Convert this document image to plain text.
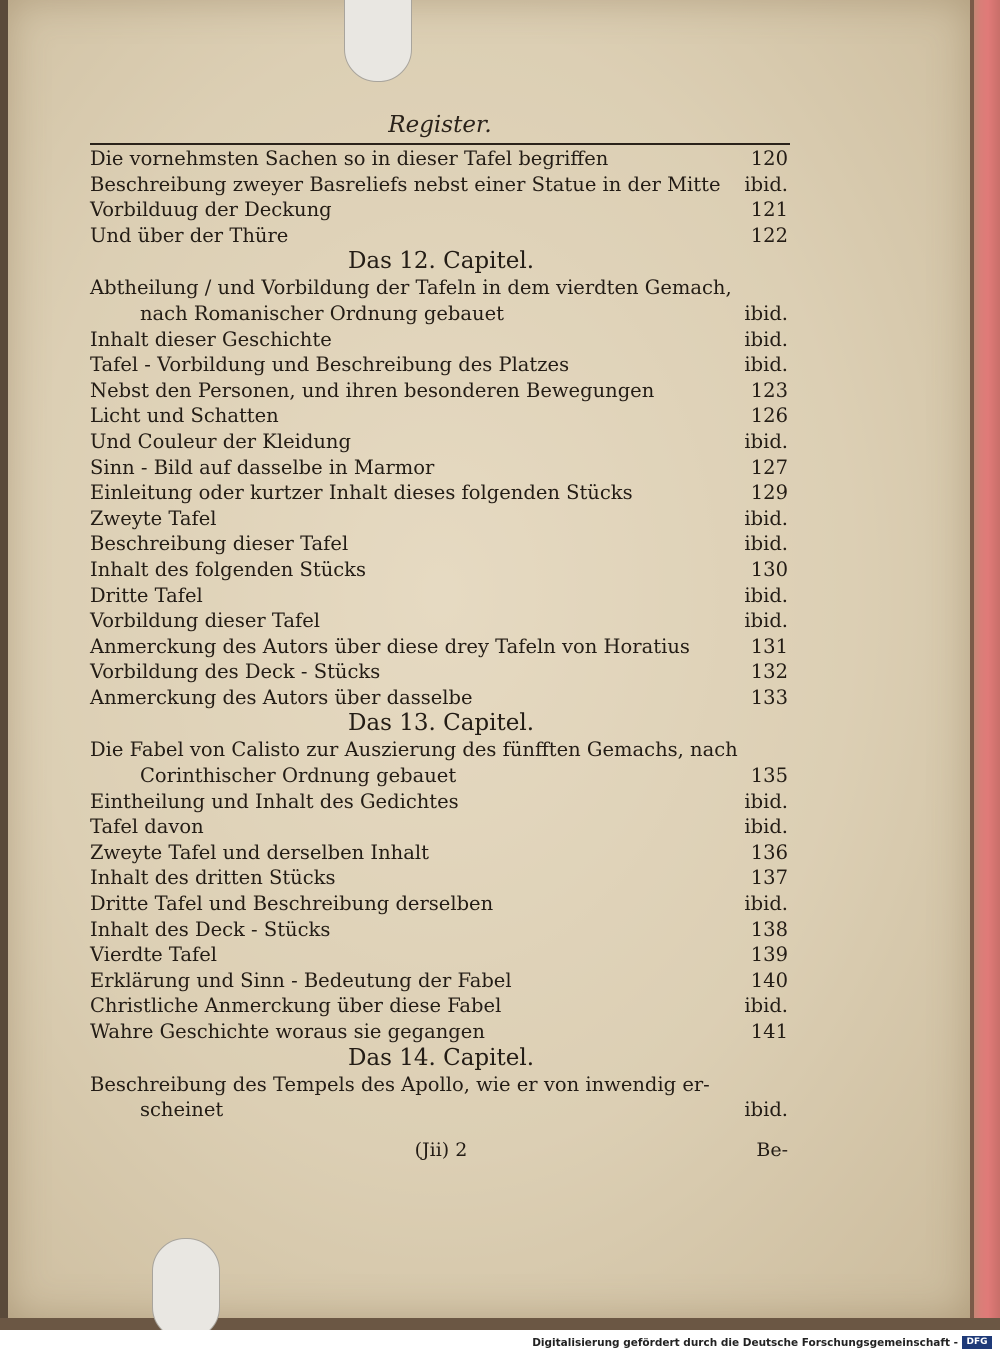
Register.
Die vornehmsten Sachen so in dieser Tafel begriffen	120
Beschreibung zweyer Basreliefs nebst einer Statue in der Mitte ibid.
Vorbilduug der Deckung	121
Und über der Thüre	122
Das 12. Capitel.
Abtheilung / und Vorbildung der Tafeln in dem vierdten Gemach,
nach Romanischer Ordnung gebauet	ibid.
Inhalt dieser Geschichte	ibid.
Tafel - Vorbildung und Beschreibung des Platzes	ibid.
Nebst den Personen, und ihren besonderen Bewegungen	123
Licht und Schatten	126
Und Couleur der Kleidung	ibid.
Sinn - Bild auf dasselbe in Marmor	127
Einleitung oder kurtzer Inhalt dieses folgenden Stücks	129
Zweyte Tafel	ibid.
Beschreibung dieser Tafel	ibid.
Inhalt des folgenden Stücks	130
Dritte Tafel	ibid.
Vorbildung dieser Tafel	ibid.
Anmerckung des Autors über diese drey Tafeln von Horatius	131
Vorbildung des Deck - Stücks	132
Anmerckung des Autors über dasselbe	133
Das 13. Capitel.
Die Fabel von Calisto zur Auszierung des fünfften Gemachs, nach
Corinthischer Ordnung gebauet	135
Eintheilung und Inhalt des Gedichtes	ibid.
Tafel davon	ibid.
Zweyte Tafel und derselben Inhalt	136
Inhalt des dritten Stücks	137
Dritte Tafel und Beschreibung derselben	ibid.
Inhalt des Deck - Stücks	138
Vierdte Tafel	139
Erklärung und Sinn - Bedeutung der Fabel	140
Christliche Anmerckung über diese Fabel	ibid.
Wahre Geschichte woraus sie gegangen	141
Das 14. Capitel.
Beschreibung des Tempels des Apollo, wie er von inwendig er-
scheinet	ibid.
(Jii) 2	Be-
Digitalisierung gefördert durch die Deutsche Forschungsgemeinschaft - DFG
